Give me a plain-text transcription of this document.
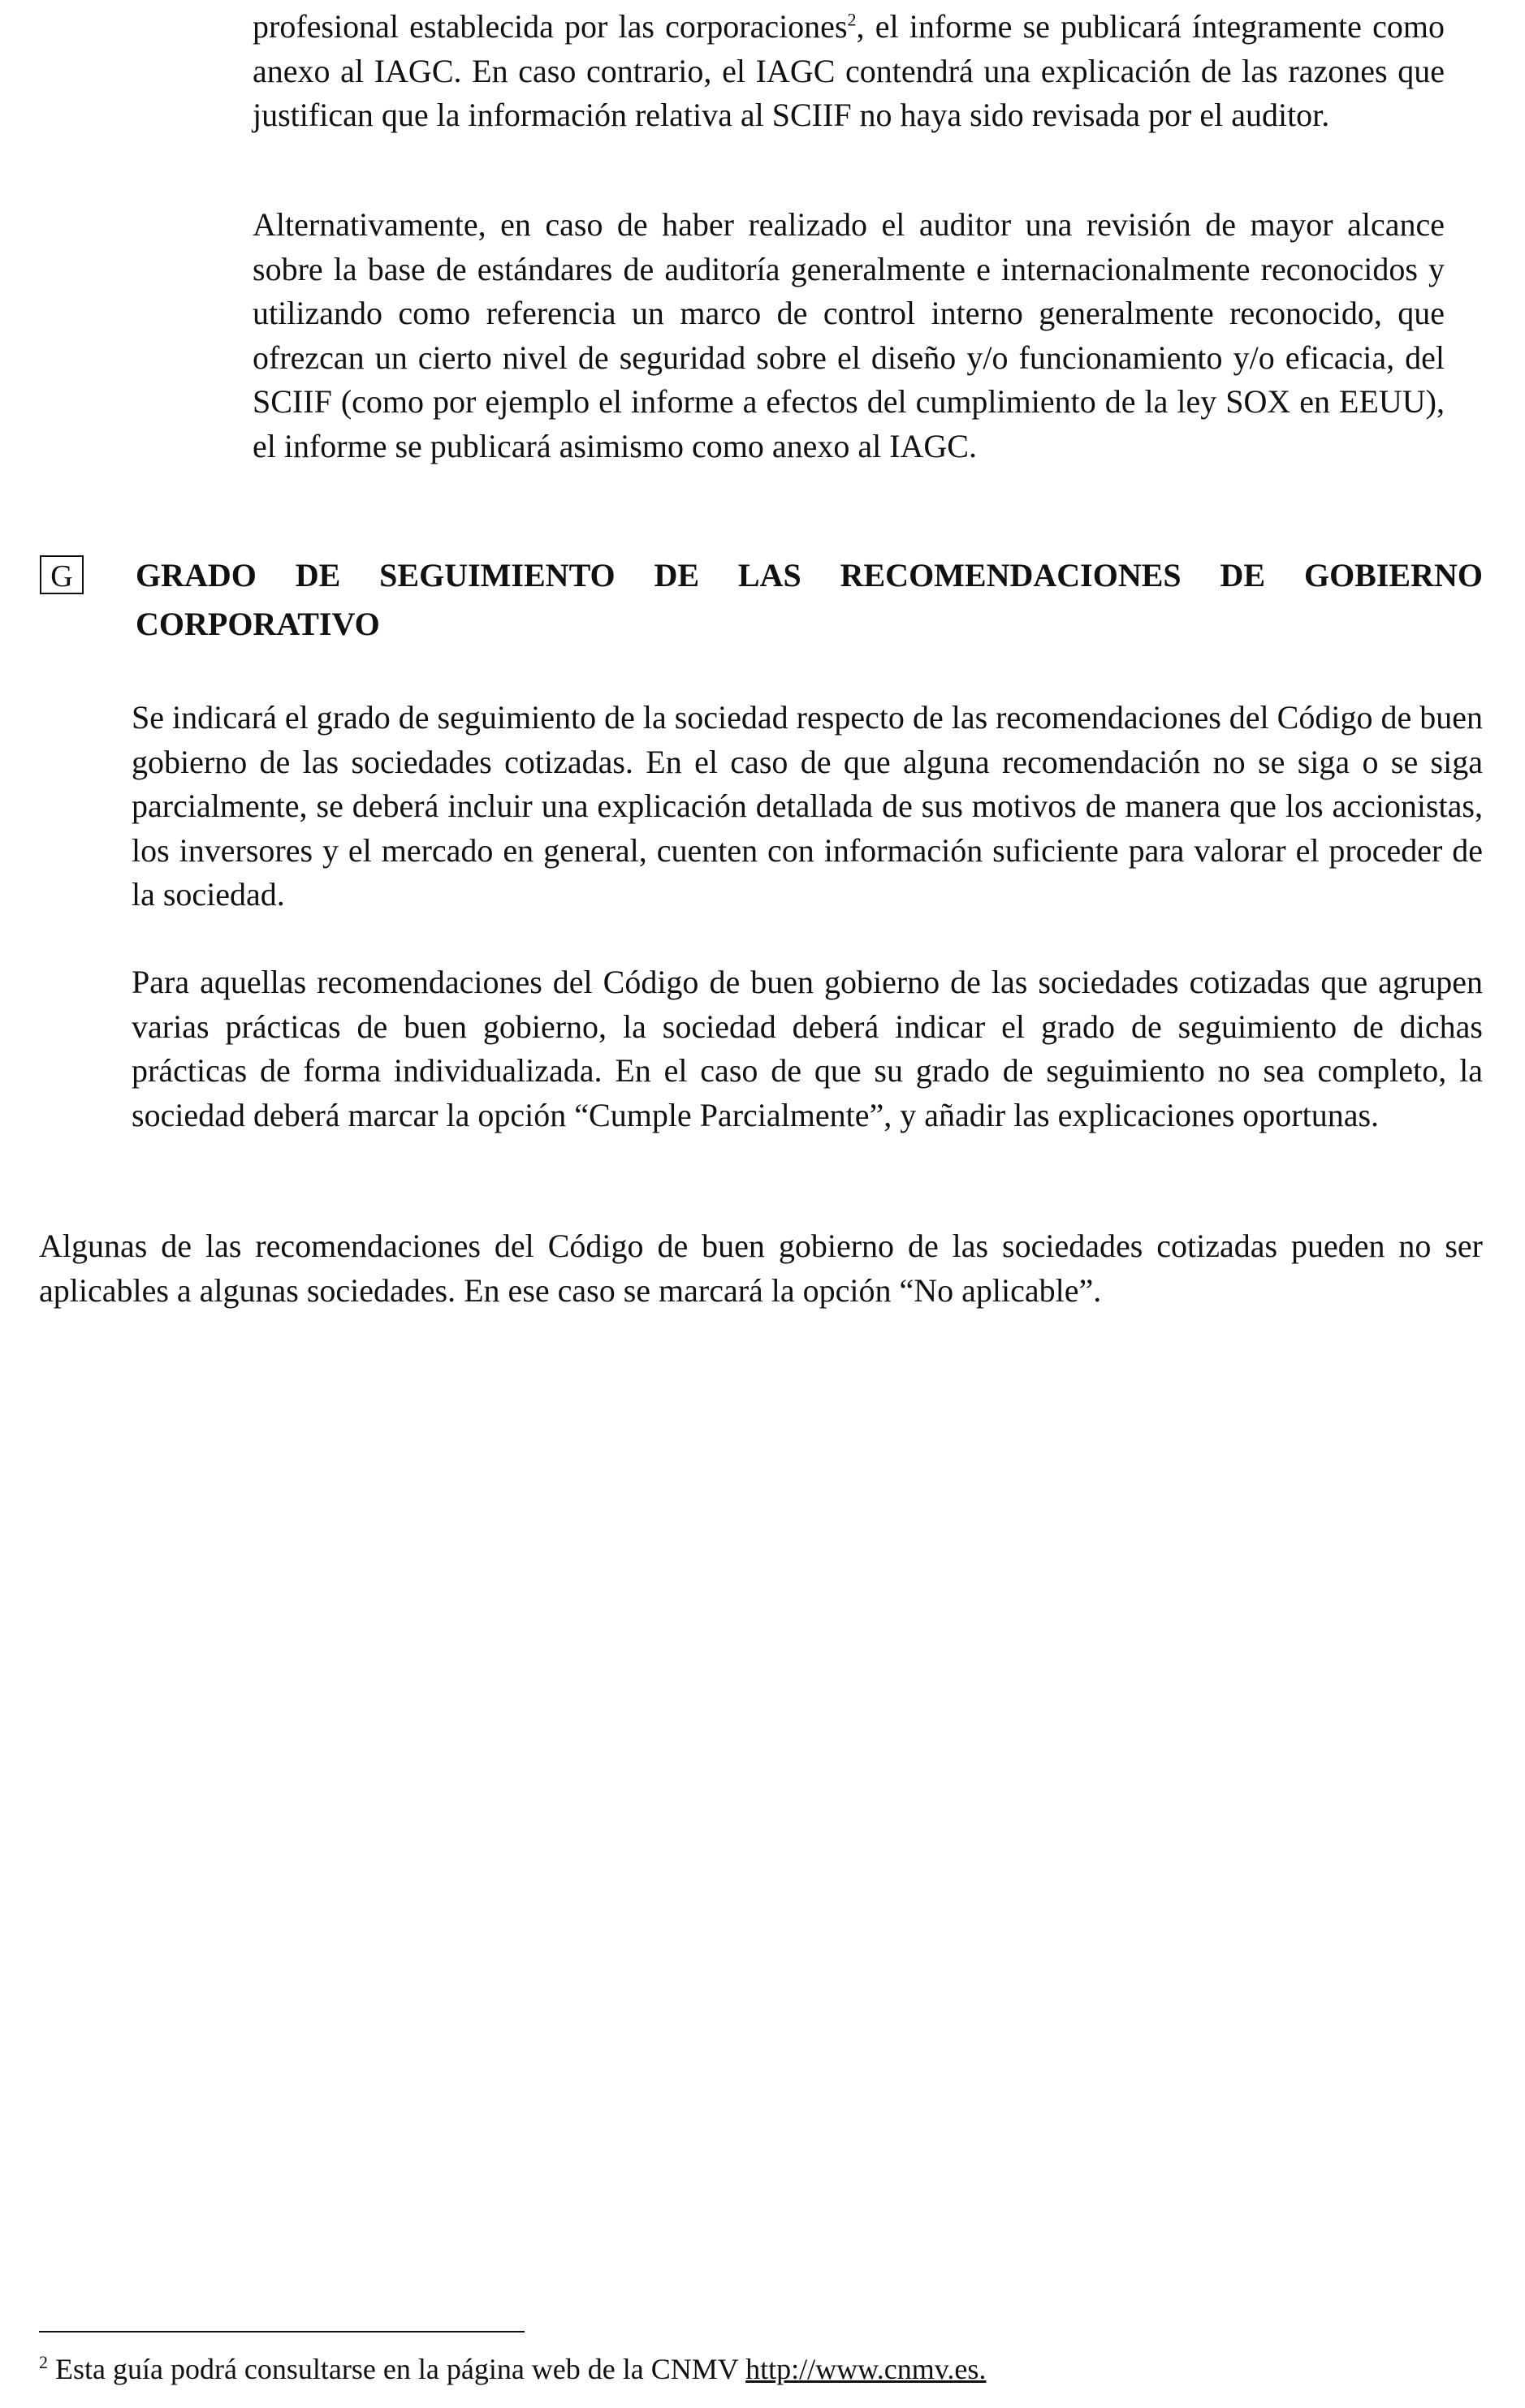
profesional establecida por las corporaciones$^2$, el informe se publicará íntegramente como anexo al IAGC. En caso contrario, el IAGC contendrá una explicación de las razones que justifican que la información relativa al SCIIF no haya sido revisada por el auditor.

Alternativamente, en caso de haber realizado el auditor una revisión de mayor alcance sobre la base de estándares de auditoría generalmente e internacionalmente reconocidos y utilizando como referencia un marco de control interno generalmente reconocido, que ofrezcan un cierto nivel de seguridad sobre el diseño y/o funcionamiento y/o eficacia, del SCIIF (como por ejemplo el informe a efectos del cumplimiento de la ley SOX en EEUU), el informe se publicará asimismo como anexo al IAGC.

G	GRADO DE SEGUIMIENTO DE LAS RECOMENDACIONES DE GOBIERNO CORPORATIVO

Se indicará el grado de seguimiento de la sociedad respecto de las recomendaciones del Código de buen gobierno de las sociedades cotizadas. En el caso de que alguna recomendación no se siga o se siga parcialmente, se deberá incluir una explicación detallada de sus motivos de manera que los accionistas, los inversores y el mercado en general, cuenten con información suficiente para valorar el proceder de la sociedad.

Para aquellas recomendaciones del Código de buen gobierno de las sociedades cotizadas que agrupen varias prácticas de buen gobierno, la sociedad deberá indicar el grado de seguimiento de dichas prácticas de forma individualizada. En el caso de que su grado de seguimiento no sea completo, la sociedad deberá marcar la opción “Cumple Parcialmente”, y añadir las explicaciones oportunas.

Algunas de las recomendaciones del Código de buen gobierno de las sociedades cotizadas pueden no ser aplicables a algunas sociedades. En ese caso se marcará la opción “No aplicable”.

$^2$ Esta guía podrá consultarse en la página web de la CNMV http://www.cnmv.es.
